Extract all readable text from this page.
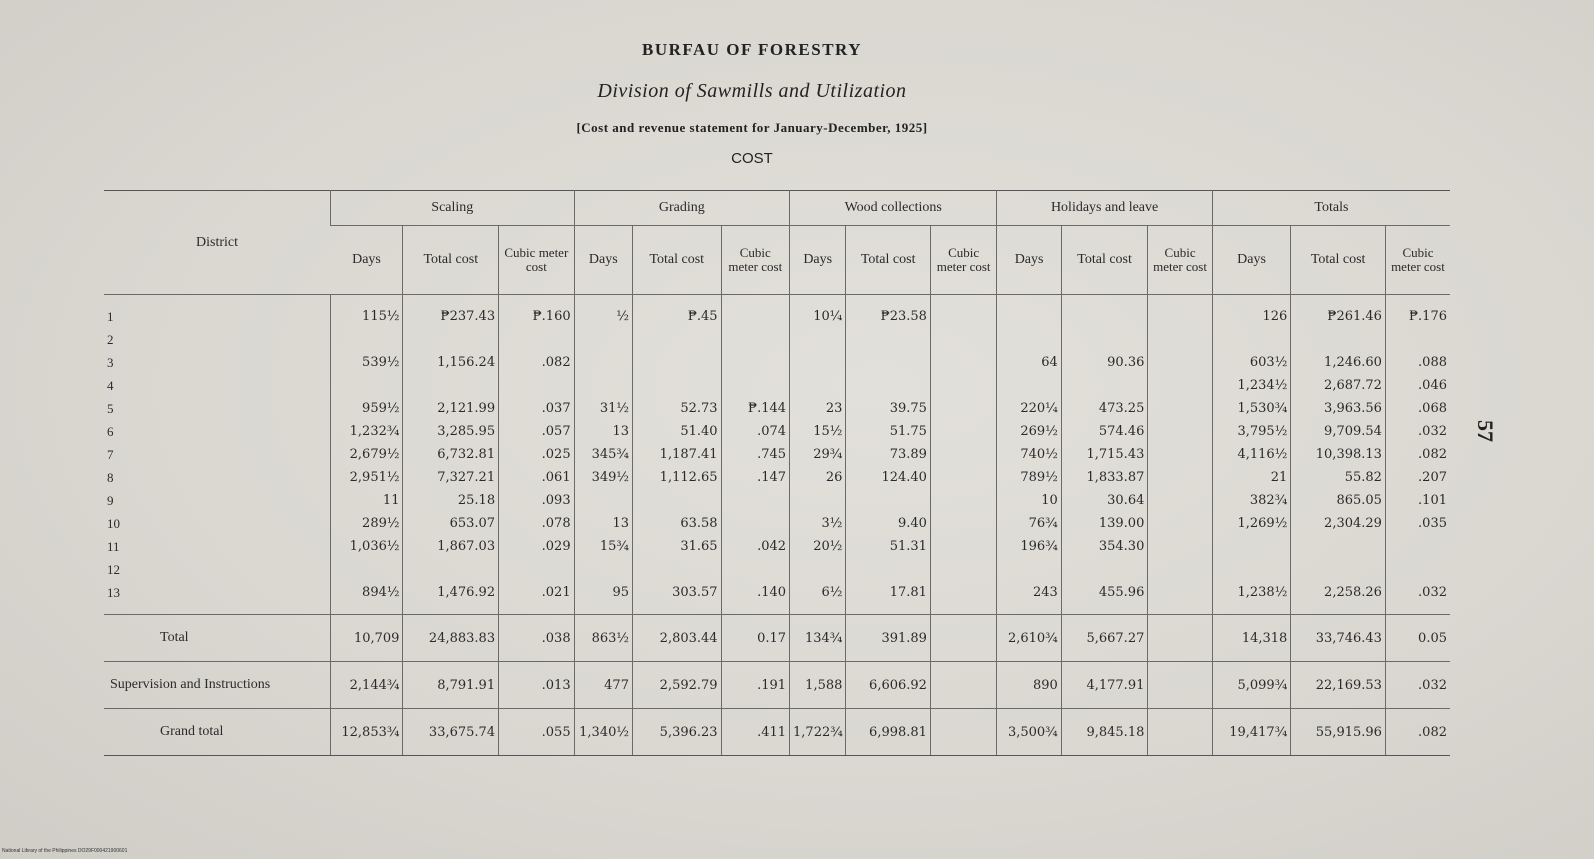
BURFAU OF FORESTRY
Division of Sawmills and Utilization
[Cost and revenue statement for January-December, 1925]
COST
District	Scaling			Grading			Wood collections			Holidays and leave			Totals		
	Days	Total cost	Cubic meter cost	Days	Total cost	Cubic meter cost	Days	Total cost	Cubic meter cost	Days	Total cost	Cubic meter cost	Days	Total cost	Cubic meter cost

1	115½	₱237.43	₱.160	½	₱.45		10¼	₱23.58					126	₱261.46	₱.176
2															
3	539½	1,156.24	.082							64	90.36		603½	1,246.60	.088
4													1,234½	2,687.72	.046
5	959½	2,121.99	.037	31½	52.73	₱.144	23	39.75		220¼	473.25		1,530¾	3,963.56	.068
6	1,232¾	3,285.95	.057	13	51.40	.074	15½	51.75		269½	574.46		3,795½	9,709.54	.032
7	2,679½	6,732.81	.025	345¾	1,187.41	.745	29¾	73.89		740½	1,715.43		4,116½	10,398.13	.082
8	2,951½	7,327.21	.061	349½	1,112.65	.147	26	124.40		789½	1,833.87		21	55.82	.207
9	11	25.18	.093							10	30.64		382¾	865.05	.101
10	289½	653.07	.078	13	63.58		3½	9.40		76¾	139.00		1,269½	2,304.29	.035
11	1,036½	1,867.03	.029	15¾	31.65	.042	20½	51.31		196¾	354.30				
12															
13	894½	1,476.92	.021	95	303.57	.140	6½	17.81		243	455.96		1,238½	2,258.26	.032

Total	10,709	24,883.83	.038	863½	2,803.44	0.17	134¾	391.89		2,610¾	5,667.27		14,318	33,746.43	0.05
Supervision and Instructions	2,144¾	8,791.91	.013	477	2,592.79	.191	1,588	6,606.92		890	4,177.91		5,099¾	22,169.53	.032
Grand total	12,853¾	33,675.74	.055	1,340½	5,396.23	.411	1,722¾	6,998.81		3,500¾	9,845.18		19,417¾	55,915.96	.082
57
National Library of the Philippines DO29F000421900601
